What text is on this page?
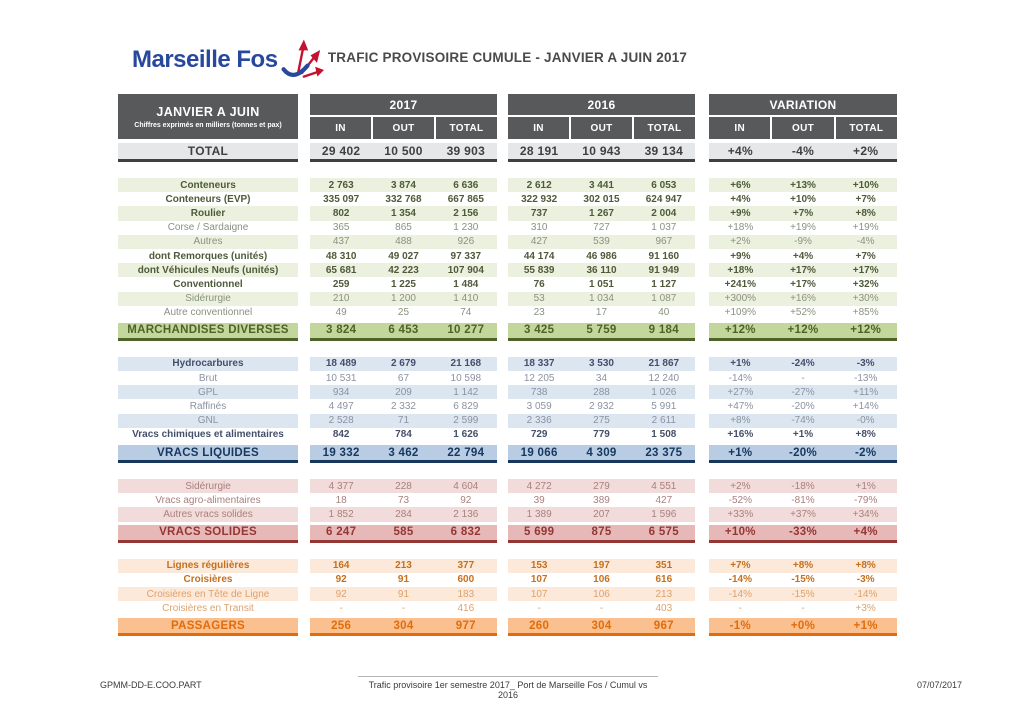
Marseille Fos	TRAFIC PROVISOIRE CUMULE - JANVIER A JUIN 2017
JANVIER A JUIN
Chiffres exprimés en milliers (tonnes et pax)
2017
IN	OUT	TOTAL
2016
IN	OUT	TOTAL
VARIATION
IN	OUT	TOTAL
TOTAL	29 402	10 500	39 903	28 191	10 943	39 134	+4%	-4%	+2%
Conteneurs	2 763	3 874	6 636	2 612	3 441	6 053	+6%	+13%	+10%
Conteneurs (EVP)	335 097	332 768	667 865	322 932	302 015	624 947	+4%	+10%	+7%
Roulier	802	1 354	2 156	737	1 267	2 004	+9%	+7%	+8%
Corse / Sardaigne	365	865	1 230	310	727	1 037	+18%	+19%	+19%
Autres	437	488	926	427	539	967	+2%	-9%	-4%
dont Remorques (unités)	48 310	49 027	97 337	44 174	46 986	91 160	+9%	+4%	+7%
dont Véhicules Neufs (unités)	65 681	42 223	107 904	55 839	36 110	91 949	+18%	+17%	+17%
Conventionnel	259	1 225	1 484	76	1 051	1 127	+241%	+17%	+32%
Sidérurgie	210	1 200	1 410	53	1 034	1 087	+300%	+16%	+30%
Autre conventionnel	49	25	74	23	17	40	+109%	+52%	+85%
MARCHANDISES DIVERSES	3 824	6 453	10 277	3 425	5 759	9 184	+12%	+12%	+12%
Hydrocarbures	18 489	2 679	21 168	18 337	3 530	21 867	+1%	-24%	-3%
Brut	10 531	67	10 598	12 205	34	12 240	-14%	-	-13%
GPL	934	209	1 142	738	288	1 026	+27%	-27%	+11%
Raffinés	4 497	2 332	6 829	3 059	2 932	5 991	+47%	-20%	+14%
GNL	2 528	71	2 599	2 336	275	2 611	+8%	-74%	-0%
Vracs chimiques et alimentaires	842	784	1 626	729	779	1 508	+16%	+1%	+8%
VRACS LIQUIDES	19 332	3 462	22 794	19 066	4 309	23 375	+1%	-20%	-2%
Sidérurgie	4 377	228	4 604	4 272	279	4 551	+2%	-18%	+1%
Vracs agro-alimentaires	18	73	92	39	389	427	-52%	-81%	-79%
Autres vracs solides	1 852	284	2 136	1 389	207	1 596	+33%	+37%	+34%
VRACS SOLIDES	6 247	585	6 832	5 699	875	6 575	+10%	-33%	+4%
Lignes régulières	164	213	377	153	197	351	+7%	+8%	+8%
Croisières	92	91	600	107	106	616	-14%	-15%	-3%
Croisières en Tête de Ligne	92	91	183	107	106	213	-14%	-15%	-14%
Croisières en Transit	-	-	416	-	-	403	-	-	+3%
PASSAGERS	256	304	977	260	304	967	-1%	+0%	+1%
GPMM-DD-E.COO.PART	Trafic provisoire 1er semestre 2017_ Port de Marseille Fos / Cumul vs 2016
07/07/2017
